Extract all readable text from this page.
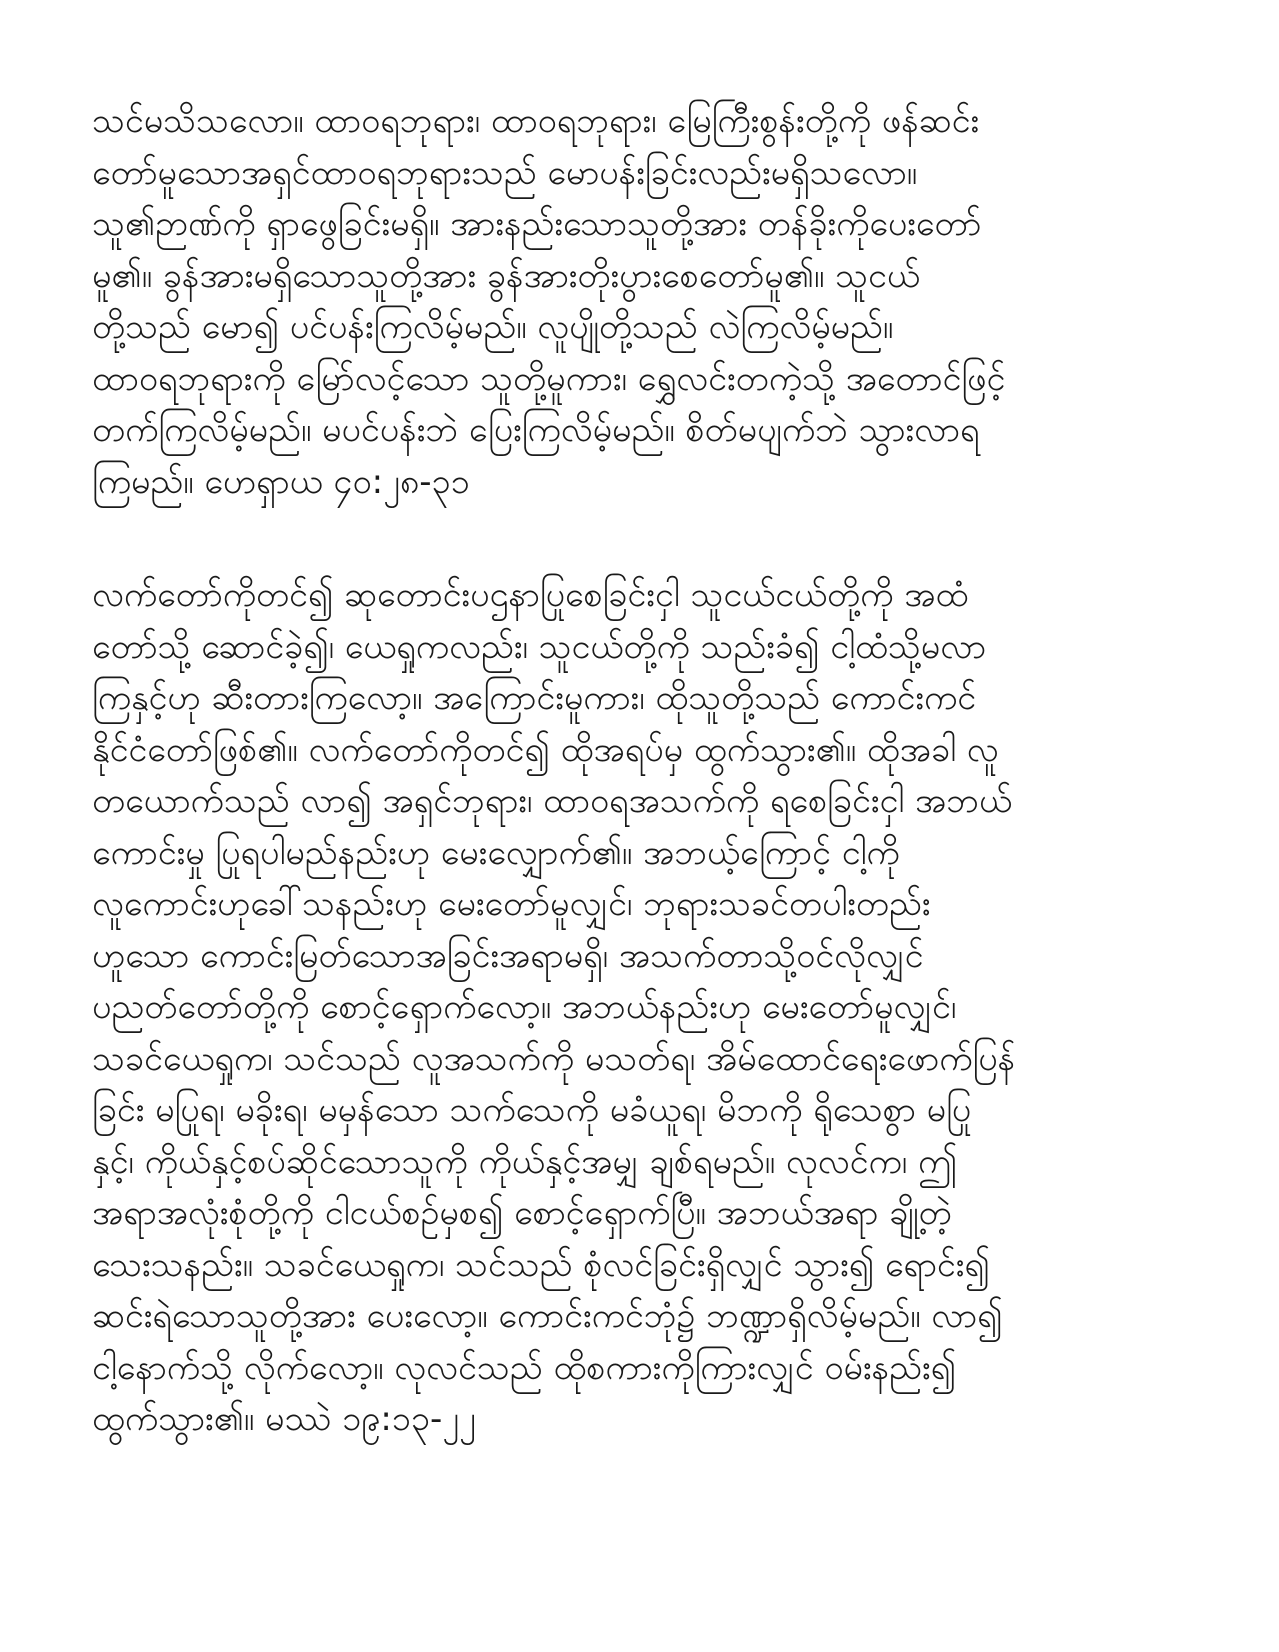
သင်မသိသလော။ ထာဝရဘုရား၊ ထာဝရဘုရား၊ မြေကြီးစွန်းတို့ကို ဖန်ဆင်း
တော်မူသောအရှင်ထာဝရဘုရားသည် မောပန်းခြင်းလည်းမရှိသလော။
သူ၏ဉာဏ်ကို ရှာဖွေခြင်းမရှိ။ အားနည်းသောသူတို့အား တန်ခိုးကိုပေးတော်
မူ၏။ ခွန်အားမရှိသောသူတို့အား ခွန်အားတိုးပွားစေတော်မူ၏။ သူငယ်
တို့သည် မော၍ ပင်ပန်းကြလိမ့်မည်။ လူပျိုတို့သည် လဲကြလိမ့်မည်။
ထာဝရဘုရားကို မြော်လင့်သော သူတို့မူကား၊ ရွှေလင်းတကဲ့သို့ အတောင်ဖြင့်
တက်ကြလိမ့်မည်။ မပင်ပန်းဘဲ ပြေးကြလိမ့်မည်။ စိတ်မပျက်ဘဲ သွားလာရ
ကြမည်။ ဟေရှာယ ၄၀:၂၈-၃၁
လက်တော်ကိုတင်၍ ဆုတောင်းပဌနာပြုစေခြင်းငှါ သူငယ်ငယ်တို့ကို အထံ
တော်သို့ ဆောင်ခဲ့၍၊ ယေရှုကလည်း၊ သူငယ်တို့ကို သည်းခံ၍ ငါ့ထံသို့မလာ
ကြနှင့်ဟု ဆီးတားကြလော့။ အကြောင်းမူကား၊ ထိုသူတို့သည် ကောင်းကင်
နိုင်ငံတော်ဖြစ်၏။ လက်တော်ကိုတင်၍ ထိုအရပ်မှ ထွက်သွား၏။ ထိုအခါ လူ
တယောက်သည် လာ၍ အရှင်ဘုရား၊ ထာဝရအသက်ကို ရစေခြင်းငှါ အဘယ်
ကောင်းမှု ပြုရပါမည်နည်းဟု မေးလျှောက်၏။ အဘယ့်ကြောင့် ငါ့ကို
လူကောင်းဟုခေါ်သနည်းဟု မေးတော်မူလျှင်၊ ဘုရားသခင်တပါးတည်း
ဟူသော ကောင်းမြတ်သောအခြင်းအရာမရှိ၊ အသက်တာသို့ဝင်လိုလျှင်
ပညတ်တော်တို့ကို စောင့်ရှောက်လော့။ အဘယ်နည်းဟု မေးတော်မူလျှင်၊
သခင်ယေရှုက၊ သင်သည် လူအသက်ကို မသတ်ရ၊ အိမ်ထောင်ရေးဖောက်ပြန်
ခြင်း မပြုရ၊ မခိုးရ၊ မမှန်သော သက်သေကို မခံယူရ၊ မိဘကို ရိုသေစွာ မပြု
နှင့်၊ ကိုယ်နှင့်စပ်ဆိုင်သောသူကို ကိုယ်နှင့်အမျှ ချစ်ရမည်။ လုလင်က၊ ဤ
အရာအလုံးစုံတို့ကို ငါငယ်စဉ်မှစ၍ စောင့်ရှောက်ပြီ။ အဘယ်အရာ ချို့တဲ့
သေးသနည်း။ သခင်ယေရှုက၊ သင်သည် စုံလင်ခြင်းရှိလျှင် သွား၍ ရောင်း၍
ဆင်းရဲသောသူတို့အား ပေးလော့။ ကောင်းကင်ဘုံ၌ ဘဏ္ဍာရှိလိမ့်မည်။ လာ၍
ငါ့နောက်သို့ လိုက်လော့။ လုလင်သည် ထိုစကားကိုကြားလျှင် ဝမ်းနည်း၍
ထွက်သွား၏။ မဿဲ ၁၉:၁၃-၂၂
